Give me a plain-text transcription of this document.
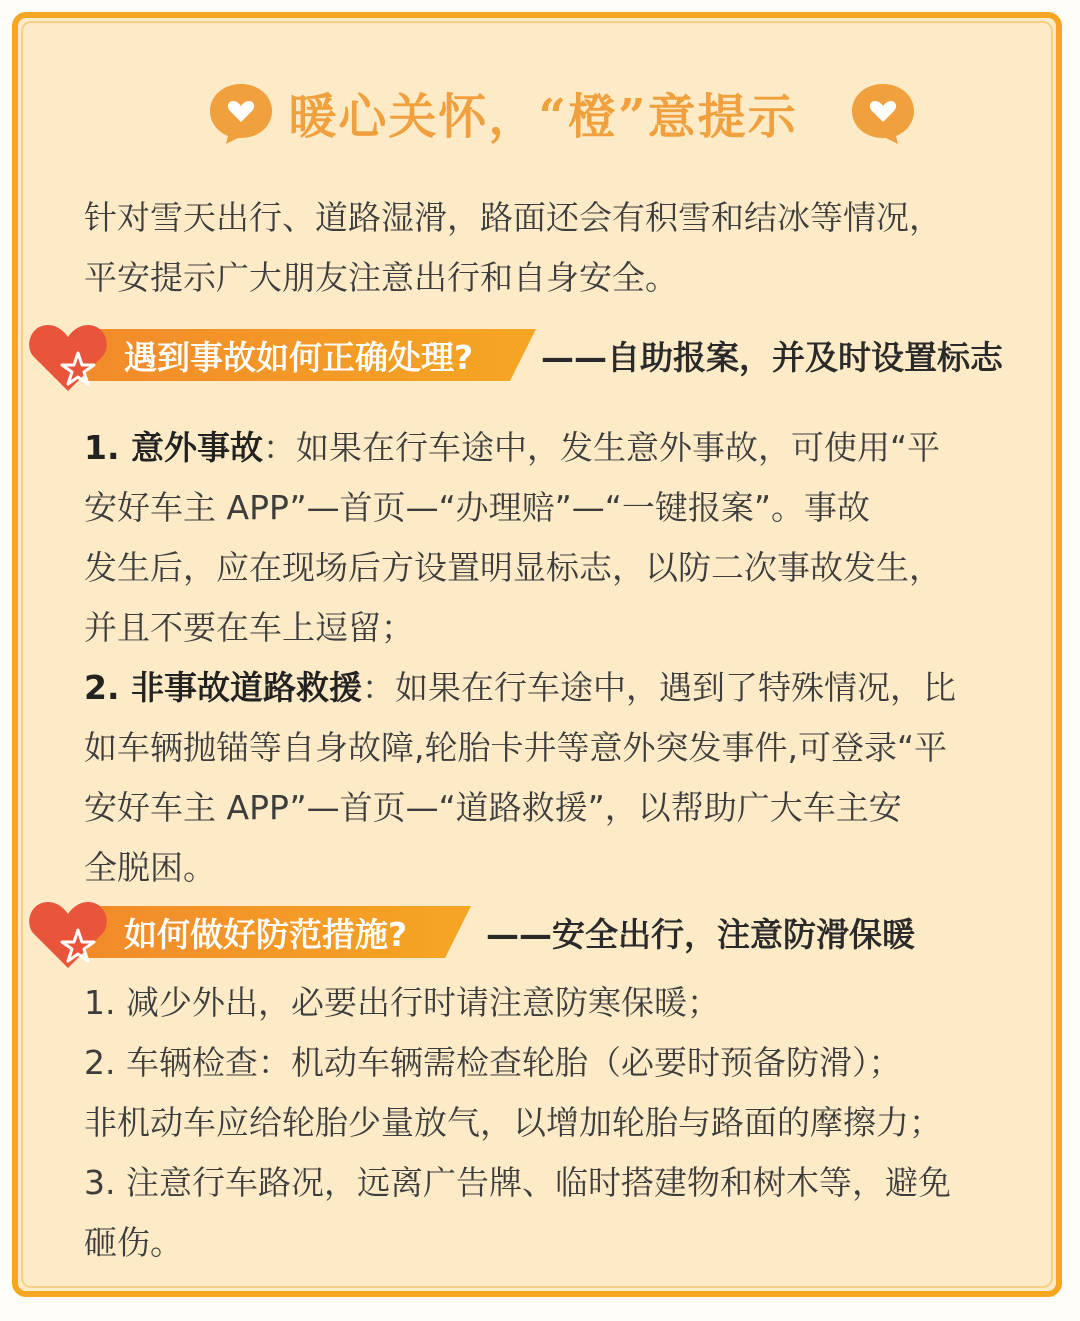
暖心关怀，“橙”意提示
针对雪天出行、道路湿滑，路面还会有积雪和结冰等情况，
平安提示广大朋友注意出行和自身安全。
遇到事故如何正确处理? ——自助报案，并及时设置标志
1. 意外事故：如果在行车途中，发生意外事故，可使用“平
安好车主 APP”—首页—“办理赔”—“一键报案”。事故
发生后，应在现场后方设置明显标志，以防二次事故发生，
并且不要在车上逗留；
2. 非事故道路救援：如果在行车途中，遇到了特殊情况，比
如车辆抛锚等自身故障,轮胎卡井等意外突发事件,可登录“平
安好车主 APP”—首页—“道路救援”，以帮助广大车主安
全脱困。
如何做好防范措施? ——安全出行，注意防滑保暖
1. 减少外出，必要出行时请注意防寒保暖；
2. 车辆检查：机动车辆需检查轮胎（必要时预备防滑）；
非机动车应给轮胎少量放气，以增加轮胎与路面的摩擦力；
3. 注意行车路况，远离广告牌、临时搭建物和树木等，避免
砸伤。
